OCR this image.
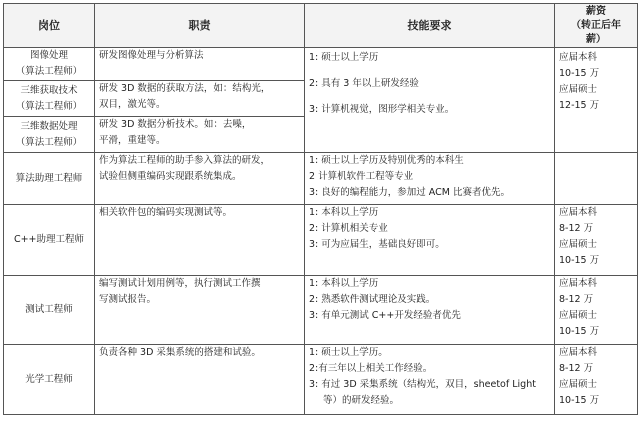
岗位	职责	技能要求	薪资
（转正后年
薪）

图像处理
（算法工程师）	研发图像处理与分析算法	1: 硕士以上学历
2: 具有 3 年以上研发经验
3: 计算机视觉，图形学相关专业。	应届本科
10-15 万
应届硕士
12-15 万

三维获取技术
（算法工程师）	研发 3D 数据的获取方法，如：结构光，
双目，激光等。		

三维数据处理
（算法工程师）	研发 3D 数据分析技术。如：去噪，
平滑，重建等。		

算法助理工程师	作为算法工程师的助手参入算法的研发，
试验但侧重编码实现跟系统集成。	1: 硕士以上学历及特别优秀的本科生
2 计算机软件工程等专业
3: 良好的编程能力，参加过 ACM 比赛者优先。	

C++助理工程师	相关软件包的编码实现测试等。	1: 本科以上学历
2: 计算机相关专业
3: 可为应届生，基础良好即可。	应届本科
8-12 万
应届硕士
10-15 万

测试工程师	编写测试计划用例等，执行测试工作撰
写测试报告。	1: 本科以上学历
2: 熟悉软件测试理论及实践。
3: 有单元测试 C++开发经验者优先	应届本科
8-12 万
应届硕士
10-15 万

光学工程师	负责各种 3D 采集系统的搭建和试验。	1: 硕士以上学历。
2:有三年以上相关工作经验。
3: 有过 3D 采集系统（结构光，双目，sheetof Light
等）的研发经验。	应届本科
8-12 万
应届硕士
10-15 万
